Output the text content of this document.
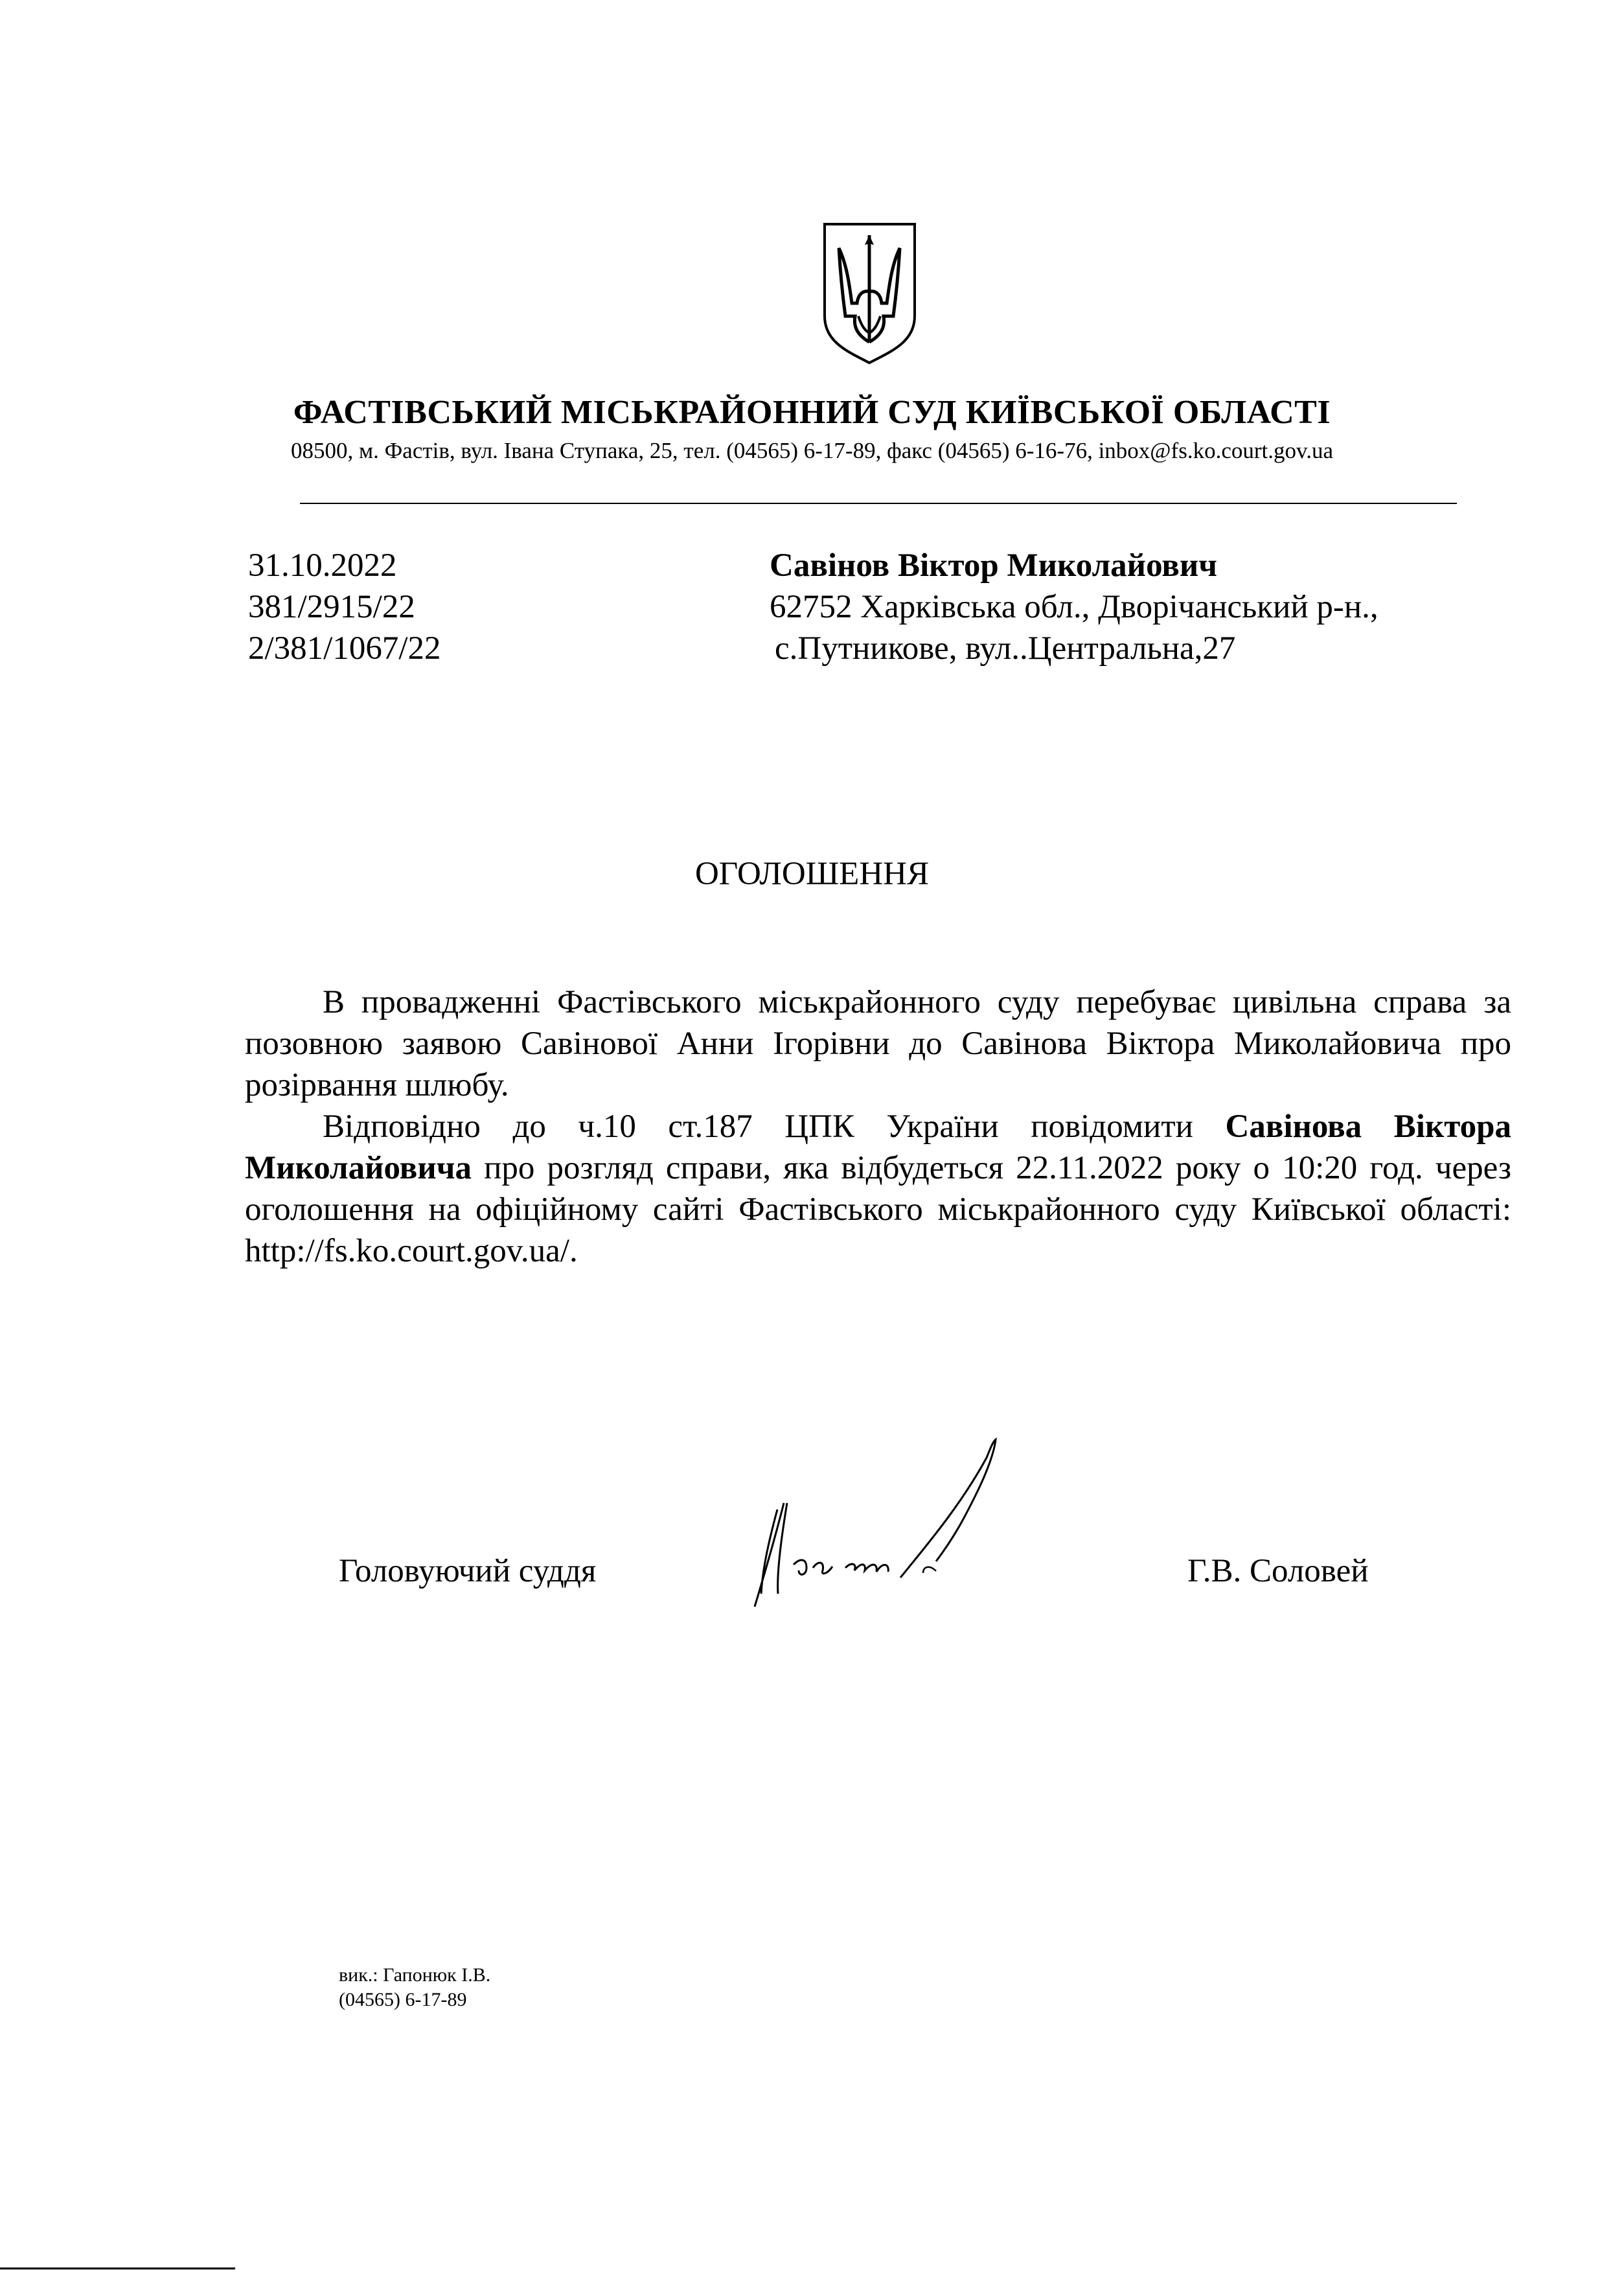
ФАСТІВСЬКИЙ МІСЬКРАЙОННИЙ СУД КИЇВСЬКОЇ ОБЛАСТІ
08500, м. Фастів, вул. Івана Ступака, 25, тел. (04565) 6-17-89, факс (04565) 6-16-76, inbox@fs.ko.court.gov.ua
31.10.2022
381/2915/22
2/381/1067/22
Савінов Віктор Миколайович
62752 Харківська обл., Дворічанський р-н.,
с.Путникове, вул..Центральна,27
ОГОЛОШЕННЯ

В провадженні Фастівського міськрайонного суду перебуває цивільна справа за позовною заявою Савінової Анни Ігорівни до Савінова Віктора Миколайовича про розірвання шлюбу.

Відповідно до ч.10 ст.187 ЦПК України повідомити Савінова Віктора Миколайовича про розгляд справи, яка відбудеться 22.11.2022 року о 10:20 год. через оголошення на офіційному сайті Фастівського міськрайонного суду Київської області: http://fs.ko.court.gov.ua/.

Головуючий суддя	Г.В. Соловей
вик.: Гапонюк І.В.
(04565) 6-17-89
